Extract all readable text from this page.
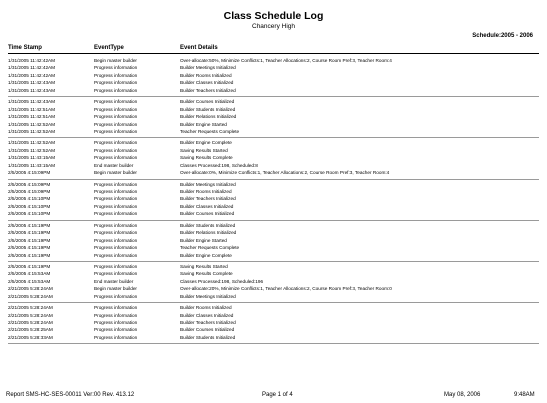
Class Schedule Log
Chancery High
Schedule:2005 - 2006
Time Stamp	EventType	Event Details
1/31/2005 11:42:42AM	Begin master builder	Over-allocate:50%, Minimize Conflicts:1, Teacher Allocations:2, Course Room Pref:3, Teacher Room:4
1/31/2005 11:42:42AM	Progress information	Builder Meetings Initialized
1/31/2005 11:42:42AM	Progress information	Builder Rooms Initialized
1/31/2005 11:42:43AM	Progress information	Builder Classes Initialized
1/31/2005 11:42:43AM	Progress information	Builder Teachers Initialized
1/31/2005 11:42:43AM	Progress information	Builder Courses Initialized
1/31/2005 11:42:51AM	Progress information	Builder Students Initialized
1/31/2005 11:42:51AM	Progress information	Builder Relations Initialized
1/31/2005 11:42:52AM	Progress information	Builder Engine Started
1/31/2005 11:42:52AM	Progress information	Teacher Requests Complete
1/31/2005 11:42:52AM	Progress information	Builder Engine Complete
1/31/2005 11:42:52AM	Progress information	Saving Results Started
1/31/2005 11:43:15AM	Progress information	Saving Results Complete
1/31/2005 11:43:15AM	End master builder	Classes Processed:198, Scheduled:8
2/5/2005 4:15:09PM	Begin master builder	Over-allocate:0%, Minimize Conflicts:1, Teacher Allocations:2, Course Room Pref:3, Teacher Room:4
2/5/2005 4:15:09PM	Progress information	Builder Meetings Initialized
2/5/2005 4:15:09PM	Progress information	Builder Rooms Initialized
2/5/2005 4:15:10PM	Progress information	Builder Teachers Initialized
2/5/2005 4:15:10PM	Progress information	Builder Classes Initialized
2/5/2005 4:15:10PM	Progress information	Builder Courses Initialized
2/5/2005 4:15:19PM	Progress information	Builder Students Initialized
2/5/2005 4:15:19PM	Progress information	Builder Relations Initialized
2/5/2005 4:15:19PM	Progress information	Builder Engine Started
2/5/2005 4:15:19PM	Progress information	Teacher Requests Complete
2/5/2005 4:15:19PM	Progress information	Builder Engine Complete
2/5/2005 4:15:19PM	Progress information	Saving Results Started
2/5/2005 4:15:53AM	Progress information	Saving Results Complete
2/5/2005 4:15:53AM	End master builder	Classes Processed:198, Scheduled:196
2/21/2005 5:28:24AM	Begin master builder	Over-allocate:20%, Minimize Conflicts:1, Teacher Allocations:2, Course Room Pref:3, Teacher Room:0
2/21/2005 5:28:24AM	Progress information	Builder Meetings Initialized
2/21/2005 5:28:24AM	Progress information	Builder Rooms Initialized
2/21/2005 5:28:24AM	Progress information	Builder Classes Initialized
2/21/2005 5:28:24AM	Progress information	Builder Teachers Initialized
2/21/2005 5:28:25AM	Progress information	Builder Courses Initialized
2/21/2005 5:28:33AM	Progress information	Builder Students Initialized
Report SMS-HC-SES-00011 Ver:00 Rev. 413.12	Page 1 of 4	May 08, 2006	9:48AM
